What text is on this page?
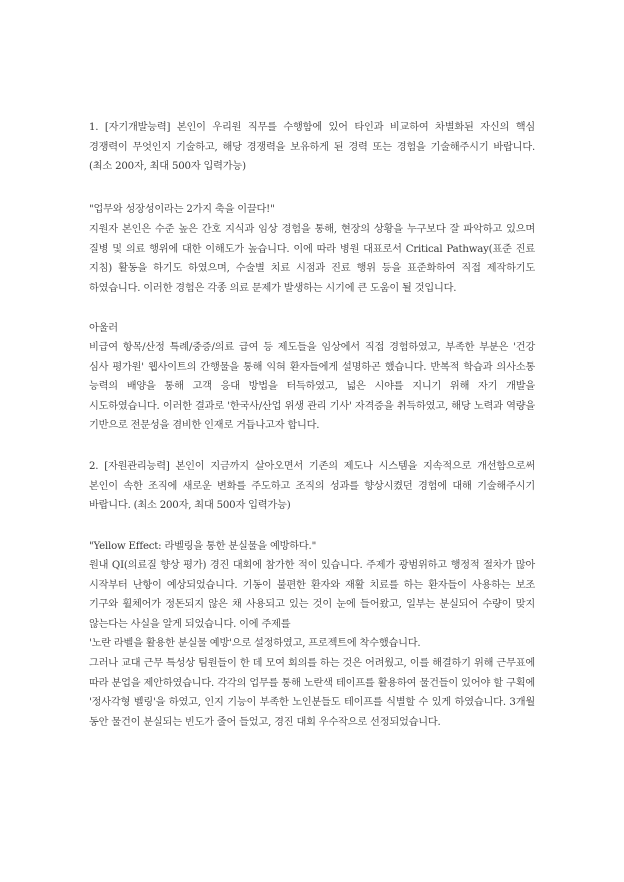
1. [자기개발능력] 본인이 우리원 직무를 수행함에 있어 타인과 비교하여 차별화된 자신의 핵심 경쟁력이 무엇인지 기술하고, 해당 경쟁력을 보유하게 된 경력 또는 경험을 기술해주시기 바랍니다. (최소 200자, 최대 500자 입력가능)

"업무와 성장성이라는 2가지 축을 이끌다!"

지원자 본인은 수준 높은 간호 지식과 임상 경험을 통해, 현장의 상황을 누구보다 잘 파악하고 있으며 질병 및 의료 행위에 대한 이해도가 높습니다. 이에 따라 병원 대표로서 Critical Pathway(표준 진료 지침) 활동을 하기도 하였으며, 수술별 치료 시점과 진료 행위 등을 표준화하여 직접 제작하기도 하였습니다. 이러한 경험은 각종 의료 문제가 발생하는 시기에 큰 도움이 될 것입니다.

아울러

비급여 항목/산정 특례/중증/의료 급여 등 제도들을 임상에서 직접 경험하였고, 부족한 부분은 '건강 심사 평가원' 웹사이트의 간행물을 통해 익혀 환자들에게 설명하곤 했습니다. 반복적 학습과 의사소통 능력의 배양을 통해 고객 응대 방법을 터득하였고, 넓은 시야를 지니기 위해 자기 개발을 시도하였습니다. 이러한 결과로 '한국사/산업 위생 관리 기사' 자격증을 취득하였고, 해당 노력과 역량을 기반으로 전문성을 겸비한 인재로 거듭나고자 합니다.

2. [자원관리능력] 본인이 지금까지 살아오면서 기존의 제도나 시스템을 지속적으로 개선함으로써 본인이 속한 조직에 새로운 변화를 주도하고 조직의 성과를 향상시켰던 경험에 대해 기술해주시기 바랍니다. (최소 200자, 최대 500자 입력가능)

"Yellow Effect: 라벨링을 통한 분실물을 예방하다."

원내 QI(의료질 향상 평가) 경진 대회에 참가한 적이 있습니다. 주제가 광범위하고 행정적 절차가 많아 시작부터 난항이 예상되었습니다. 기동이 불편한 환자와 재활 치료를 하는 환자들이 사용하는 보조 기구와 휠체어가 정돈되지 않은 채 사용되고 있는 것이 눈에 들어왔고, 일부는 분실되어 수량이 맞지 않는다는 사실을 알게 되었습니다. 이에 주제를

'노란 라벨을 활용한 분실물 예방'으로 설정하였고, 프로젝트에 착수했습니다.

그러나 교대 근무 특성상 팀원들이 한 데 모여 회의를 하는 것은 어려웠고, 이를 해결하기 위해 근무표에 따라 분업을 제안하였습니다. 각각의 업무를 통해 노란색 테이프를 활용하여 물건들이 있어야 할 구획에 '정사각형 벨링'을 하였고, 인지 기능이 부족한 노인분들도 테이프를 식별할 수 있게 하였습니다. 3개월 동안 물건이 분실되는 빈도가 줄어 들었고, 경진 대회 우수작으로 선정되었습니다.
